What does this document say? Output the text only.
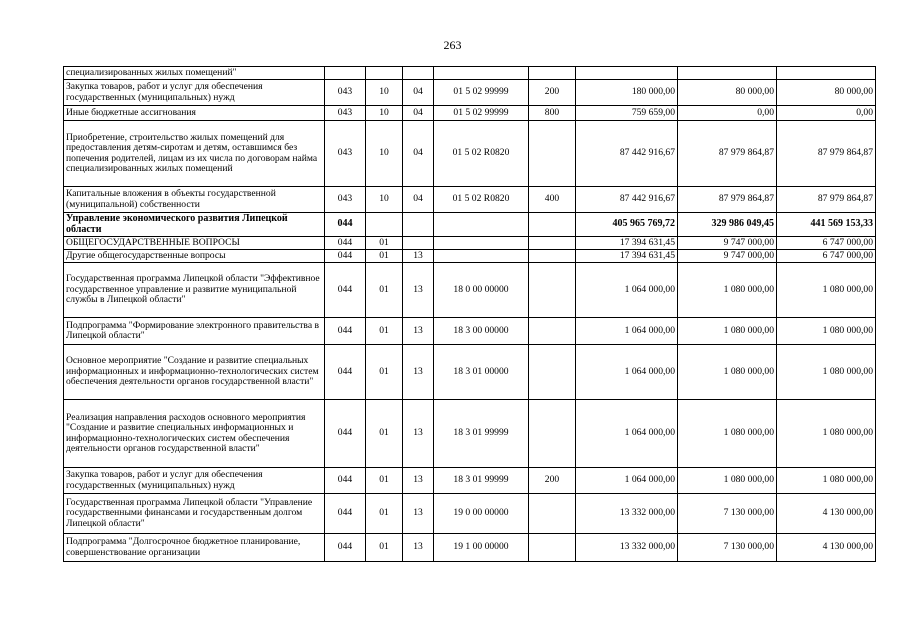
263
специализированных жилых помещений"								
Закупка товаров, работ и услуг для обеспечения государственных (муниципальных) нужд	043	10	04	01 5 02 99999	200	180 000,00	80 000,00	80 000,00
Иные бюджетные ассигнования	043	10	04	01 5 02 99999	800	759 659,00	0,00	0,00
Приобретение, строительство жилых помещений для предоставления детям-сиротам и детям, оставшимся без попечения родителей, лицам из их числа по договорам найма специализированных жилых помещений	043	10	04	01 5 02 R0820		87 442 916,67	87 979 864,87	87 979 864,87
Капитальные вложения в объекты государственной (муниципальной) собственности	043	10	04	01 5 02 R0820	400	87 442 916,67	87 979 864,87	87 979 864,87
Управление экономического развития Липецкой области	044					405 965 769,72	329 986 049,45	441 569 153,33
ОБЩЕГОСУДАРСТВЕННЫЕ ВОПРОСЫ	044	01				17 394 631,45	9 747 000,00	6 747 000,00
Другие общегосударственные вопросы	044	01	13			17 394 631,45	9 747 000,00	6 747 000,00
Государственная программа Липецкой области "Эффективное государственное управление и развитие муниципальной службы в Липецкой области"	044	01	13	18 0 00 00000		1 064 000,00	1 080 000,00	1 080 000,00
Подпрограмма "Формирование электронного правительства в Липецкой области"	044	01	13	18 3 00 00000		1 064 000,00	1 080 000,00	1 080 000,00
Основное мероприятие "Создание и развитие специальных информационных и информационно-технологических систем обеспечения деятельности органов государственной власти"	044	01	13	18 3 01 00000		1 064 000,00	1 080 000,00	1 080 000,00
Реализация направления расходов основного мероприятия "Создание и развитие специальных информационных и информационно-технологических систем обеспечения деятельности органов государственной власти"	044	01	13	18 3 01 99999		1 064 000,00	1 080 000,00	1 080 000,00
Закупка товаров, работ и услуг для обеспечения государственных (муниципальных) нужд	044	01	13	18 3 01 99999	200	1 064 000,00	1 080 000,00	1 080 000,00
Государственная программа Липецкой области "Управление государственными финансами и государственным долгом Липецкой области"	044	01	13	19 0 00 00000		13 332 000,00	7 130 000,00	4 130 000,00
Подпрограмма "Долгосрочное бюджетное планирование, совершенствование организации	044	01	13	19 1 00 00000		13 332 000,00	7 130 000,00	4 130 000,00
